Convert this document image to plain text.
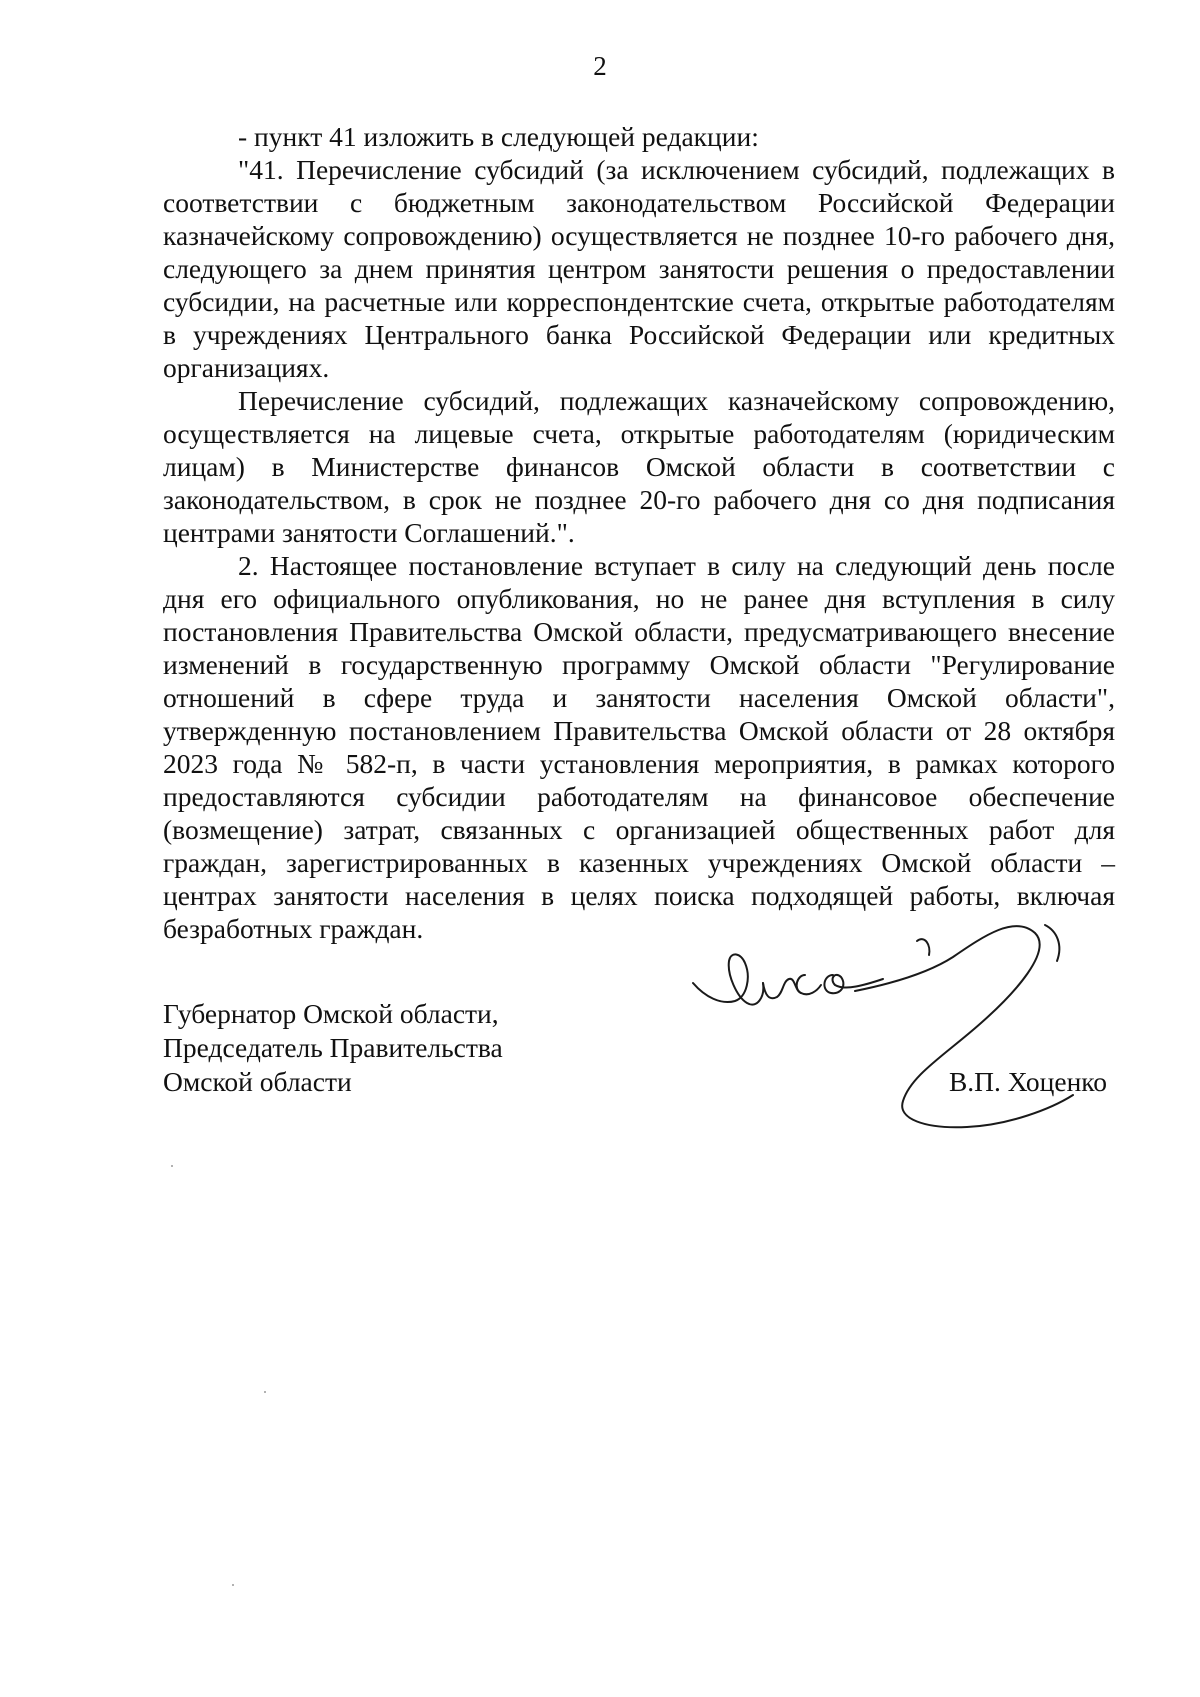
2

- пункт 41 изложить в следующей редакции:

"41. Перечисление субсидий (за исключением субсидий, подлежащих в соответствии с бюджетным законодательством Российской Федерации казначейскому сопровождению) осуществляется не позднее 10-го рабочего дня, следующего за днем принятия центром занятости решения о предоставлении субсидии, на расчетные или корреспондентские счета, открытые работодателям в учреждениях Центрального банка Российской Федерации или кредитных организациях.

Перечисление субсидий, подлежащих казначейскому сопровождению, осуществляется на лицевые счета, открытые работодателям (юридическим лицам) в Министерстве финансов Омской области в соответствии с законодательством, в срок не позднее 20-го рабочего дня со дня подписания центрами занятости Соглашений.".

2. Настоящее постановление вступает в силу на следующий день после дня его официального опубликования, но не ранее дня вступления в силу постановления Правительства Омской области, предусматривающего внесение изменений в государственную программу Омской области "Регулирование отношений в сфере труда и занятости населения Омской области", утвержденную постановлением Правительства Омской области от 28 октября 2023 года № 582-п, в части установления мероприятия, в рамках которого предоставляются субсидии работодателям на финансовое обеспечение (возмещение) затрат, связанных с организацией общественных работ для граждан, зарегистрированных в казенных учреждениях Омской области – центрах занятости населения в целях поиска подходящей работы, включая безработных граждан.

Губернатор Омской области,
Председатель Правительства
Омской области	В.П. Хоценко
